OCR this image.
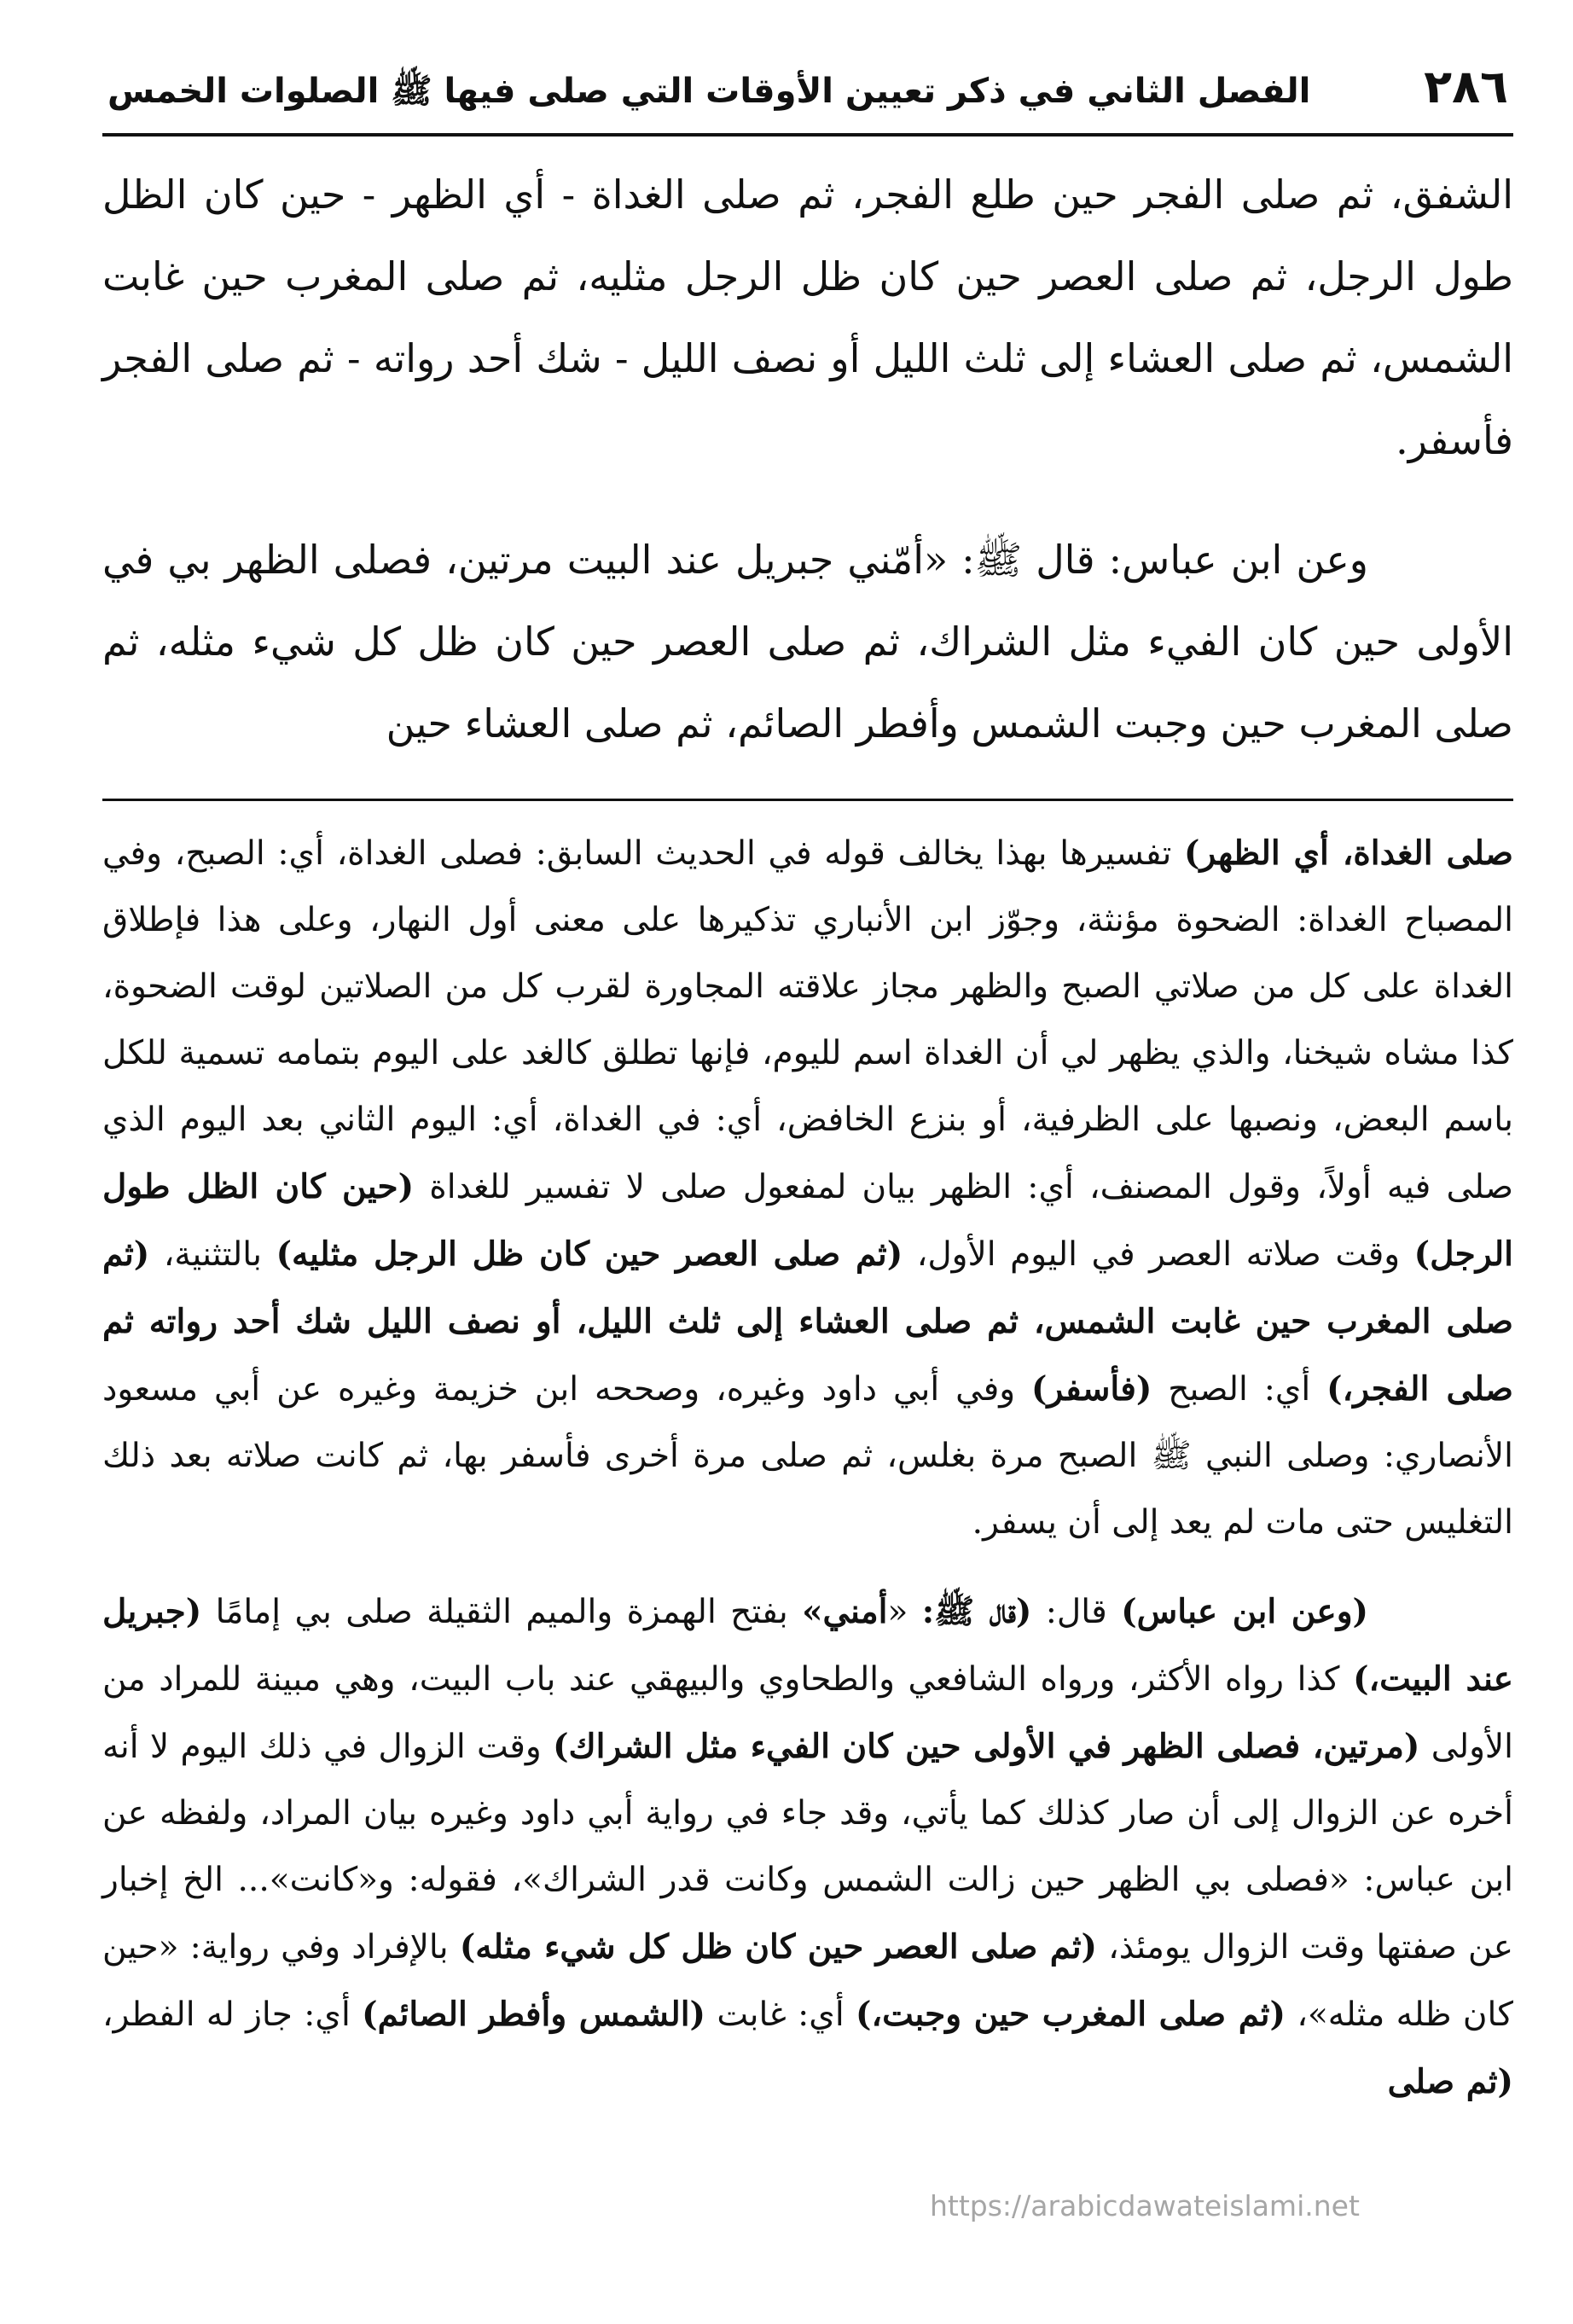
٢٨٦
الفصل الثاني في ذكر تعيين الأوقات التي صلى فيها ﷺ الصلوات الخمس

الشفق، ثم صلى الفجر حين طلع الفجر، ثم صلى الغداة - أي الظهر - حين كان الظل طول الرجل، ثم صلى العصر حين كان ظل الرجل مثليه، ثم صلى المغرب حين غابت الشمس، ثم صلى العشاء إلى ثلث الليل أو نصف الليل - شك أحد رواته - ثم صلى الفجر فأسفر.

وعن ابن عباس: قال ﷺ: «أمّني جبريل عند البيت مرتين، فصلى الظهر بي في الأولى حين كان الفيء مثل الشراك، ثم صلى العصر حين كان ظل كل شيء مثله، ثم صلى المغرب حين وجبت الشمس وأفطر الصائم، ثم صلى العشاء حين

صلى الغداة، أي الظهر) تفسيرها بهذا يخالف قوله في الحديث السابق: فصلى الغداة، أي: الصبح، وفي المصباح الغداة: الضحوة مؤنثة، وجوّز ابن الأنباري تذكيرها على معنى أول النهار، وعلى هذا فإطلاق الغداة على كل من صلاتي الصبح والظهر مجاز علاقته المجاورة لقرب كل من الصلاتين لوقت الضحوة، كذا مشاه شيخنا، والذي يظهر لي أن الغداة اسم لليوم، فإنها تطلق كالغد على اليوم بتمامه تسمية للكل باسم البعض، ونصبها على الظرفية، أو بنزع الخافض، أي: في الغداة، أي: اليوم الثاني بعد اليوم الذي صلى فيه أولاً، وقول المصنف، أي: الظهر بيان لمفعول صلى لا تفسير للغداة (حين كان الظل طول الرجل) وقت صلاته العصر في اليوم الأول، (ثم صلى العصر حين كان ظل الرجل مثليه) بالتثنية، (ثم صلى المغرب حين غابت الشمس، ثم صلى العشاء إلى ثلث الليل، أو نصف الليل شك أحد رواته ثم صلى الفجر،) أي: الصبح (فأسفر) وفي أبي داود وغيره، وصححه ابن خزيمة وغيره عن أبي مسعود الأنصاري: وصلى النبي ﷺ الصبح مرة بغلس، ثم صلى مرة أخرى فأسفر بها، ثم كانت صلاته بعد ذلك التغليس حتى مات لم يعد إلى أن يسفر.

(وعن ابن عباس) قال: (قال ﷺ: «أمني» بفتح الهمزة والميم الثقيلة صلى بي إمامًا (جبريل عند البيت،) كذا رواه الأكثر، ورواه الشافعي والطحاوي والبيهقي عند باب البيت، وهي مبينة للمراد من الأولى (مرتين، فصلى الظهر في الأولى حين كان الفيء مثل الشراك) وقت الزوال في ذلك اليوم لا أنه أخره عن الزوال إلى أن صار كذلك كما يأتي، وقد جاء في رواية أبي داود وغيره بيان المراد، ولفظه عن ابن عباس: «فصلى بي الظهر حين زالت الشمس وكانت قدر الشراك»، فقوله: و«كانت»... الخ إخبار عن صفتها وقت الزوال يومئذ، (ثم صلى العصر حين كان ظل كل شيء مثله) بالإفراد وفي رواية: «حين كان ظله مثله»، (ثم صلى المغرب حين وجبت،) أي: غابت (الشمس وأفطر الصائم) أي: جاز له الفطر، (ثم صلى

https://arabicdawateislami.net
